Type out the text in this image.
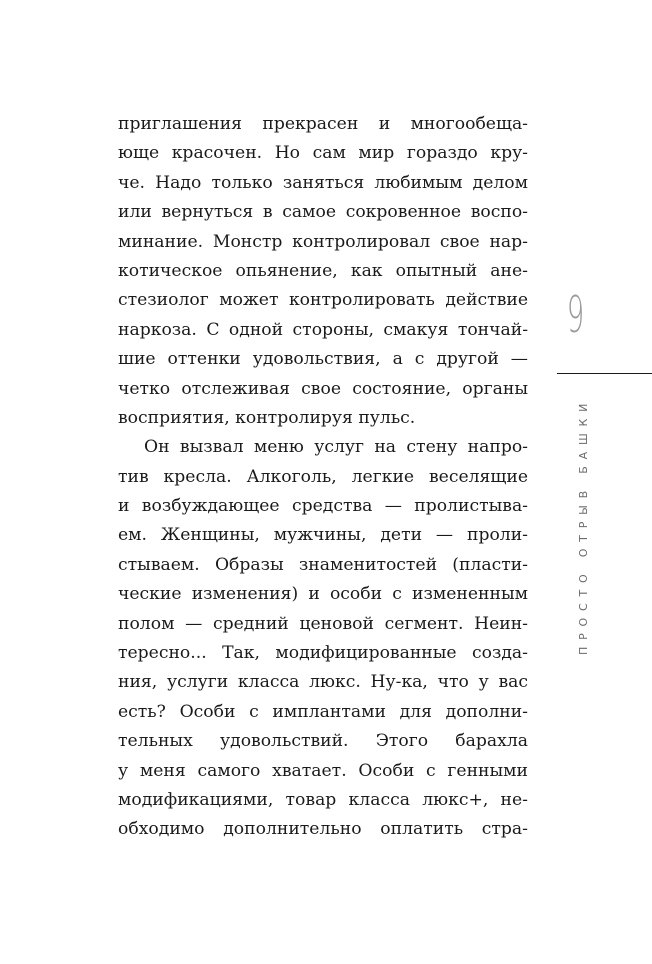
приглашения прекрасен и многообеща-
юще красочен. Но сам мир гораздо кру-
че. Надо только заняться любимым делом
или вернуться в самое сокровенное воспо-
минание. Монстр контролировал свое нар-
котическое опьянение, как опытный ане-
стезиолог может контролировать действие
наркоза. С одной стороны, смакуя тончай-
шие оттенки удовольствия, а с другой —
четко отслеживая свое состояние, органы
восприятия, контролируя пульс.
Он вызвал меню услуг на стену напро-
тив кресла. Алкоголь, легкие веселящие
и возбуждающее средства — пролистыва-
ем. Женщины, мужчины, дети — проли-
стываем. Образы знаменитостей (пласти-
ческие изменения) и особи с измененным
полом — средний ценовой сегмент. Неин-
тересно... Так, модифицированные созда-
ния, услуги класса люкс. Ну-ка, что у вас
есть? Особи с имплантами для дополни-
тельных удовольствий. Этого барахла
у меня самого хватает. Особи с генными
модификациями, товар класса люкс+, не-
обходимо дополнительно оплатить стра-
9
ПРОСТО ОТРЫВ БАШКИ
